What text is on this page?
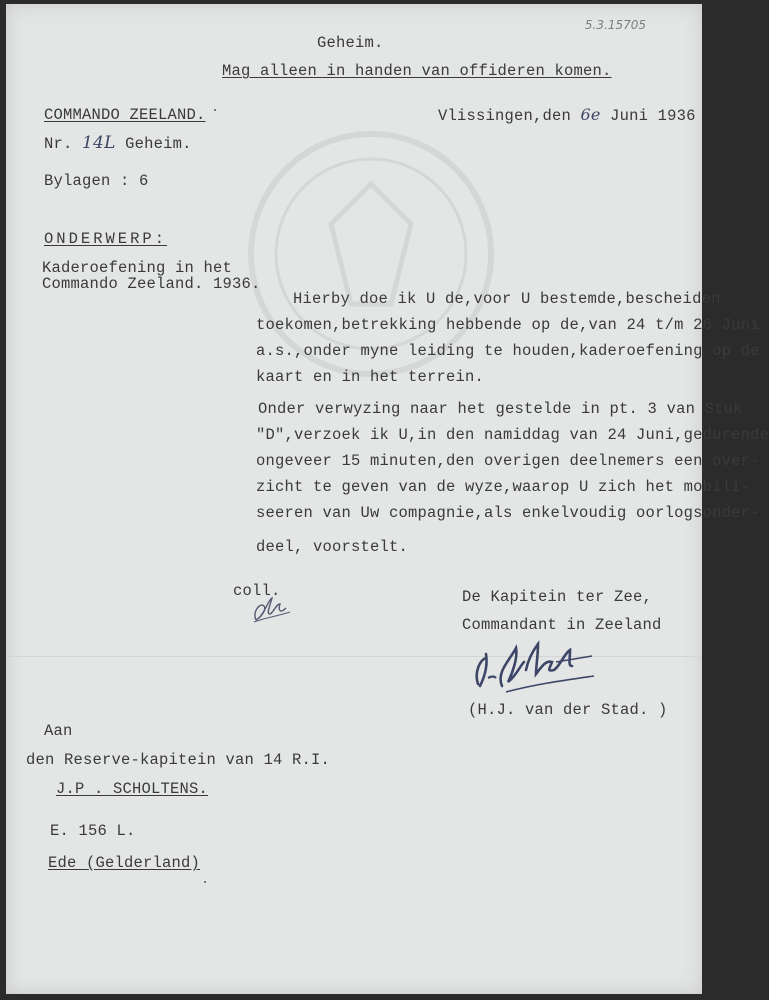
5.3.15705
Geheim.
Mag alleen in handen van offideren komen.
COMMANDO ZEELAND.	Vlissingen,den 6e Juni 1936
Nr. 14L Geheim.
Bylagen : 6
ONDERWERP:
Kaderoefening in het
Commando Zeeland. 1936.
Hierby doe ik U de,voor U bestemde,bescheiden
toekomen,betrekking hebbende op de,van 24 t/m 26 Juni
a.s.,onder myne leiding te houden,kaderoefening op de
kaart en in het terrein.
Onder verwyzing naar het gestelde in pt. 3 van Stuk
"D",verzoek ik U,in den namiddag van 24 Juni,gedurende
ongeveer 15 minuten,den overigen deelnemers een over-
zicht te geven van de wyze,waarop U zich het mobili-
seeren van Uw compagnie,als enkelvoudig oorlogsonder-
deel, voorstelt.
coll.	De Kapitein ter Zee,
Commandant in Zeeland
(H.J. van der Stad. )
Aan
den Reserve-kapitein van 14 R.I.
J.P . SCHOLTENS.
E. 156 L.
Ede (Gelderland)
